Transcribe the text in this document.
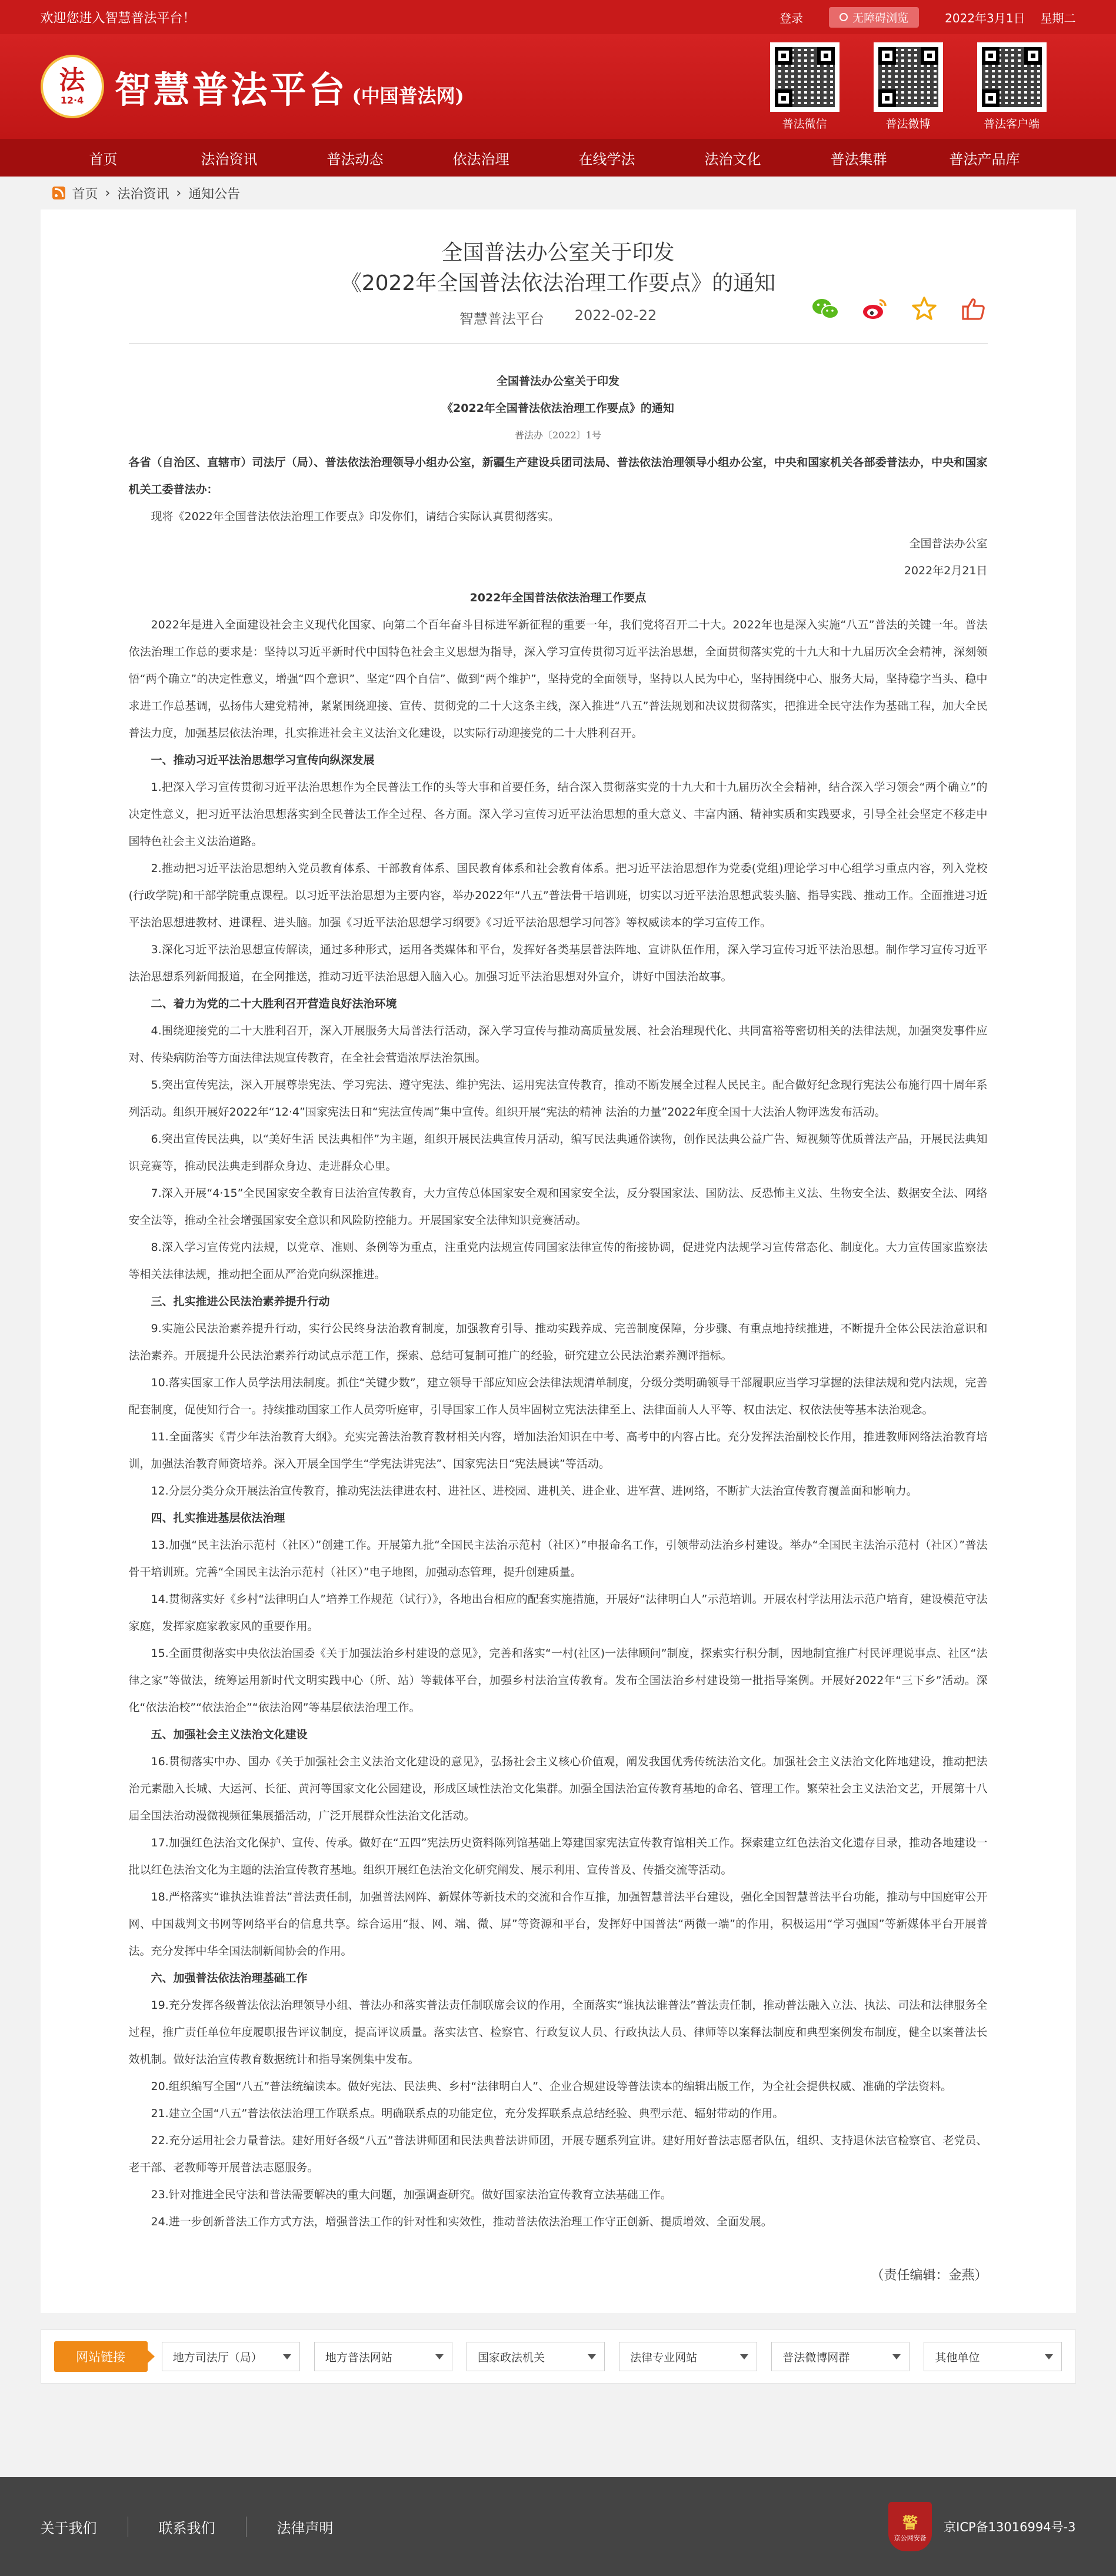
欢迎您进入智慧普法平台！	登录	无障碍浏览	2022年3月1日 星期二
法
12·4 智慧普法平台 (中国普法网)
普法微信	普法微博	普法客户端
首页	法治资讯	普法动态	依法治理	在线学法	法治文化	普法集群	普法产品库
首页 › 法治资讯 › 通知公告
全国普法办公室关于印发
《2022年全国普法依法治理工作要点》的通知
智慧普法平台 2022-02-22

全国普法办公室关于印发

《2022年全国普法依法治理工作要点》的通知

普法办〔2022〕1号

各省（自治区、直辖市）司法厅（局）、普法依法治理领导小组办公室，新疆生产建设兵团司法局、普法依法治理领导小组办公室，中央和国家机关各部委普法办，中央和国家机关工委普法办：

现将《2022年全国普法依法治理工作要点》印发你们，请结合实际认真贯彻落实。

全国普法办公室

2022年2月21日

2022年全国普法依法治理工作要点

2022年是进入全面建设社会主义现代化国家、向第二个百年奋斗目标进军新征程的重要一年，我们党将召开二十大。2022年也是深入实施“八五”普法的关键一年。普法依法治理工作总的要求是：坚持以习近平新时代中国特色社会主义思想为指导，深入学习宣传贯彻习近平法治思想，全面贯彻落实党的十九大和十九届历次全会精神，深刻领悟“两个确立”的决定性意义，增强“四个意识”、坚定“四个自信”、做到“两个维护”，坚持党的全面领导，坚持以人民为中心，坚持围绕中心、服务大局，坚持稳字当头、稳中求进工作总基调，弘扬伟大建党精神，紧紧围绕迎接、宣传、贯彻党的二十大这条主线，深入推进“八五”普法规划和决议贯彻落实，把推进全民守法作为基础工程，加大全民普法力度，加强基层依法治理，扎实推进社会主义法治文化建设，以实际行动迎接党的二十大胜利召开。

一、推动习近平法治思想学习宣传向纵深发展

1.把深入学习宣传贯彻习近平法治思想作为全民普法工作的头等大事和首要任务，结合深入贯彻落实党的十九大和十九届历次全会精神，结合深入学习领会“两个确立”的决定性意义，把习近平法治思想落实到全民普法工作全过程、各方面。深入学习宣传习近平法治思想的重大意义、丰富内涵、精神实质和实践要求，引导全社会坚定不移走中国特色社会主义法治道路。

2.推动把习近平法治思想纳入党员教育体系、干部教育体系、国民教育体系和社会教育体系。把习近平法治思想作为党委(党组)理论学习中心组学习重点内容，列入党校(行政学院)和干部学院重点课程。以习近平法治思想为主要内容，举办2022年“八五”普法骨干培训班，切实以习近平法治思想武装头脑、指导实践、推动工作。全面推进习近平法治思想进教材、进课程、进头脑。加强《习近平法治思想学习纲要》《习近平法治思想学习问答》等权威读本的学习宣传工作。

3.深化习近平法治思想宣传解读，通过多种形式，运用各类媒体和平台，发挥好各类基层普法阵地、宣讲队伍作用，深入学习宣传习近平法治思想。制作学习宣传习近平法治思想系列新闻报道，在全网推送，推动习近平法治思想入脑入心。加强习近平法治思想对外宣介，讲好中国法治故事。

二、着力为党的二十大胜利召开营造良好法治环境

4.围绕迎接党的二十大胜利召开，深入开展服务大局普法行活动，深入学习宣传与推动高质量发展、社会治理现代化、共同富裕等密切相关的法律法规，加强突发事件应对、传染病防治等方面法律法规宣传教育，在全社会营造浓厚法治氛围。

5.突出宣传宪法，深入开展尊崇宪法、学习宪法、遵守宪法、维护宪法、运用宪法宣传教育，推动不断发展全过程人民民主。配合做好纪念现行宪法公布施行四十周年系列活动。组织开展好2022年“12·4”国家宪法日和“宪法宣传周”集中宣传。组织开展“宪法的精神 法治的力量”2022年度全国十大法治人物评选发布活动。

6.突出宣传民法典，以“美好生活 民法典相伴”为主题，组织开展民法典宣传月活动，编写民法典通俗读物，创作民法典公益广告、短视频等优质普法产品，开展民法典知识竞赛等，推动民法典走到群众身边、走进群众心里。

7.深入开展“4·15”全民国家安全教育日法治宣传教育，大力宣传总体国家安全观和国家安全法，反分裂国家法、国防法、反恐怖主义法、生物安全法、数据安全法、网络安全法等，推动全社会增强国家安全意识和风险防控能力。开展国家安全法律知识竞赛活动。

8.深入学习宣传党内法规，以党章、准则、条例等为重点，注重党内法规宣传同国家法律宣传的衔接协调，促进党内法规学习宣传常态化、制度化。大力宣传国家监察法等相关法律法规，推动把全面从严治党向纵深推进。

三、扎实推进公民法治素养提升行动

9.实施公民法治素养提升行动，实行公民终身法治教育制度，加强教育引导、推动实践养成、完善制度保障，分步骤、有重点地持续推进，不断提升全体公民法治意识和法治素养。开展提升公民法治素养行动试点示范工作，探索、总结可复制可推广的经验，研究建立公民法治素养测评指标。

10.落实国家工作人员学法用法制度。抓住“关键少数”，建立领导干部应知应会法律法规清单制度，分级分类明确领导干部履职应当学习掌握的法律法规和党内法规，完善配套制度，促使知行合一。持续推动国家工作人员旁听庭审，引导国家工作人员牢固树立宪法法律至上、法律面前人人平等、权由法定、权依法使等基本法治观念。

11.全面落实《青少年法治教育大纲》。充实完善法治教育教材相关内容，增加法治知识在中考、高考中的内容占比。充分发挥法治副校长作用，推进教师网络法治教育培训，加强法治教育师资培养。深入开展全国学生“学宪法讲宪法”、国家宪法日“宪法晨读”等活动。

12.分层分类分众开展法治宣传教育，推动宪法法律进农村、进社区、进校园、进机关、进企业、进军营、进网络，不断扩大法治宣传教育覆盖面和影响力。

四、扎实推进基层依法治理

13.加强“民主法治示范村（社区）”创建工作。开展第九批“全国民主法治示范村（社区）”申报命名工作，引领带动法治乡村建设。举办“全国民主法治示范村（社区）”普法骨干培训班。完善“全国民主法治示范村（社区）”电子地图，加强动态管理，提升创建质量。

14.贯彻落实好《乡村“法律明白人”培养工作规范（试行）》，各地出台相应的配套实施措施，开展好“法律明白人”示范培训。开展农村学法用法示范户培育，建设模范守法家庭，发挥家庭家教家风的重要作用。

15.全面贯彻落实中央依法治国委《关于加强法治乡村建设的意见》，完善和落实“一村(社区)一法律顾问”制度，探索实行积分制，因地制宜推广村民评理说事点、社区“法律之家”等做法，统筹运用新时代文明实践中心（所、站）等载体平台，加强乡村法治宣传教育。发布全国法治乡村建设第一批指导案例。开展好2022年“三下乡”活动。深化“依法治校”“依法治企”“依法治网”等基层依法治理工作。

五、加强社会主义法治文化建设

16.贯彻落实中办、国办《关于加强社会主义法治文化建设的意见》，弘扬社会主义核心价值观，阐发我国优秀传统法治文化。加强社会主义法治文化阵地建设，推动把法治元素融入长城、大运河、长征、黄河等国家文化公园建设，形成区域性法治文化集群。加强全国法治宣传教育基地的命名、管理工作。繁荣社会主义法治文艺，开展第十八届全国法治动漫微视频征集展播活动，广泛开展群众性法治文化活动。

17.加强红色法治文化保护、宣传、传承。做好在“五四”宪法历史资料陈列馆基础上筹建国家宪法宣传教育馆相关工作。探索建立红色法治文化遗存目录，推动各地建设一批以红色法治文化为主题的法治宣传教育基地。组织开展红色法治文化研究阐发、展示利用、宣传普及、传播交流等活动。

18.严格落实“谁执法谁普法”普法责任制，加强普法网阵、新媒体等新技术的交流和合作互推，加强智慧普法平台建设，强化全国智慧普法平台功能，推动与中国庭审公开网、中国裁判文书网等网络平台的信息共享。综合运用“报、网、端、微、屏”等资源和平台，发挥好中国普法“两微一端”的作用，积极运用“学习强国”等新媒体平台开展普法。充分发挥中华全国法制新闻协会的作用。

六、加强普法依法治理基础工作

19.充分发挥各级普法依法治理领导小组、普法办和落实普法责任制联席会议的作用，全面落实“谁执法谁普法”普法责任制，推动普法融入立法、执法、司法和法律服务全过程，推广责任单位年度履职报告评议制度，提高评议质量。落实法官、检察官、行政复议人员、行政执法人员、律师等以案释法制度和典型案例发布制度，健全以案普法长效机制。做好法治宣传教育数据统计和指导案例集中发布。

20.组织编写全国“八五”普法统编读本。做好宪法、民法典、乡村“法律明白人”、企业合规建设等普法读本的编辑出版工作，为全社会提供权威、准确的学法资料。

21.建立全国“八五”普法依法治理工作联系点。明确联系点的功能定位，充分发挥联系点总结经验、典型示范、辐射带动的作用。

22.充分运用社会力量普法。建好用好各级“八五”普法讲师团和民法典普法讲师团，开展专题系列宣讲。建好用好普法志愿者队伍，组织、支持退休法官检察官、老党员、老干部、老教师等开展普法志愿服务。

23.针对推进全民守法和普法需要解决的重大问题，加强调查研究。做好国家法治宣传教育立法基础工作。

24.进一步创新普法工作方式方法，增强普法工作的针对性和实效性，推动普法依法治理工作守正创新、提质增效、全面发展。

（责任编辑：金燕）
网站链接	地方司法厅（局）	地方普法网站	国家政法机关	法律专业网站	普法微博网群	其他单位
关于我们	联系我们	法律声明	警
京公网安备
京ICP备13016994号-3
